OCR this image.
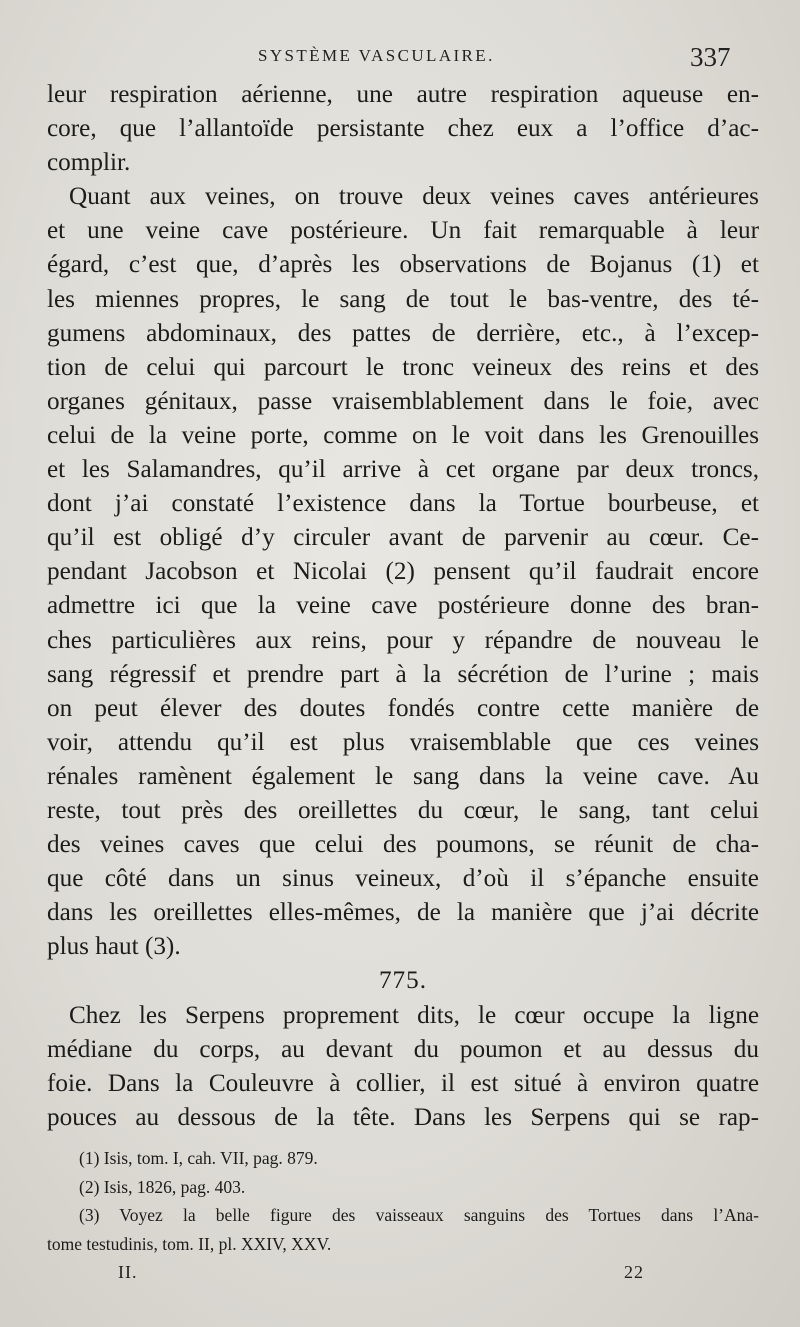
SYSTÈME VASCULAIRE.	337
leur respiration aérienne, une autre respiration aqueuse en-
core, que l’allantoïde persistante chez eux a l’office d’ac-
complir.
Quant aux veines, on trouve deux veines caves antérieures
et une veine cave postérieure. Un fait remarquable à leur
égard, c’est que, d’après les observations de Bojanus (1) et
les miennes propres, le sang de tout le bas-ventre, des té-
gumens abdominaux, des pattes de derrière, etc., à l’excep-
tion de celui qui parcourt le tronc veineux des reins et des
organes génitaux, passe vraisemblablement dans le foie, avec
celui de la veine porte, comme on le voit dans les Grenouilles
et les Salamandres, qu’il arrive à cet organe par deux troncs,
dont j’ai constaté l’existence dans la Tortue bourbeuse, et
qu’il est obligé d’y circuler avant de parvenir au cœur. Ce-
pendant Jacobson et Nicolai (2) pensent qu’il faudrait encore
admettre ici que la veine cave postérieure donne des bran-
ches particulières aux reins, pour y répandre de nouveau le
sang régressif et prendre part à la sécrétion de l’urine ; mais
on peut élever des doutes fondés contre cette manière de
voir, attendu qu’il est plus vraisemblable que ces veines
rénales ramènent également le sang dans la veine cave. Au
reste, tout près des oreillettes du cœur, le sang, tant celui
des veines caves que celui des poumons, se réunit de cha-
que côté dans un sinus veineux, d’où il s’épanche ensuite
dans les oreillettes elles-mêmes, de la manière que j’ai décrite
plus haut (3).
775.
Chez les Serpens proprement dits, le cœur occupe la ligne
médiane du corps, au devant du poumon et au dessus du
foie. Dans la Couleuvre à collier, il est situé à environ quatre
pouces au dessous de la tête. Dans les Serpens qui se rap-
(1) Isis, tom. I, cah. VII, pag. 879.
(2) Isis, 1826, pag. 403.
(3) Voyez la belle figure des vaisseaux sanguins des Tortues dans l’Ana-
tome testudinis, tom. II, pl. XXIV, XXV.
II.	22
